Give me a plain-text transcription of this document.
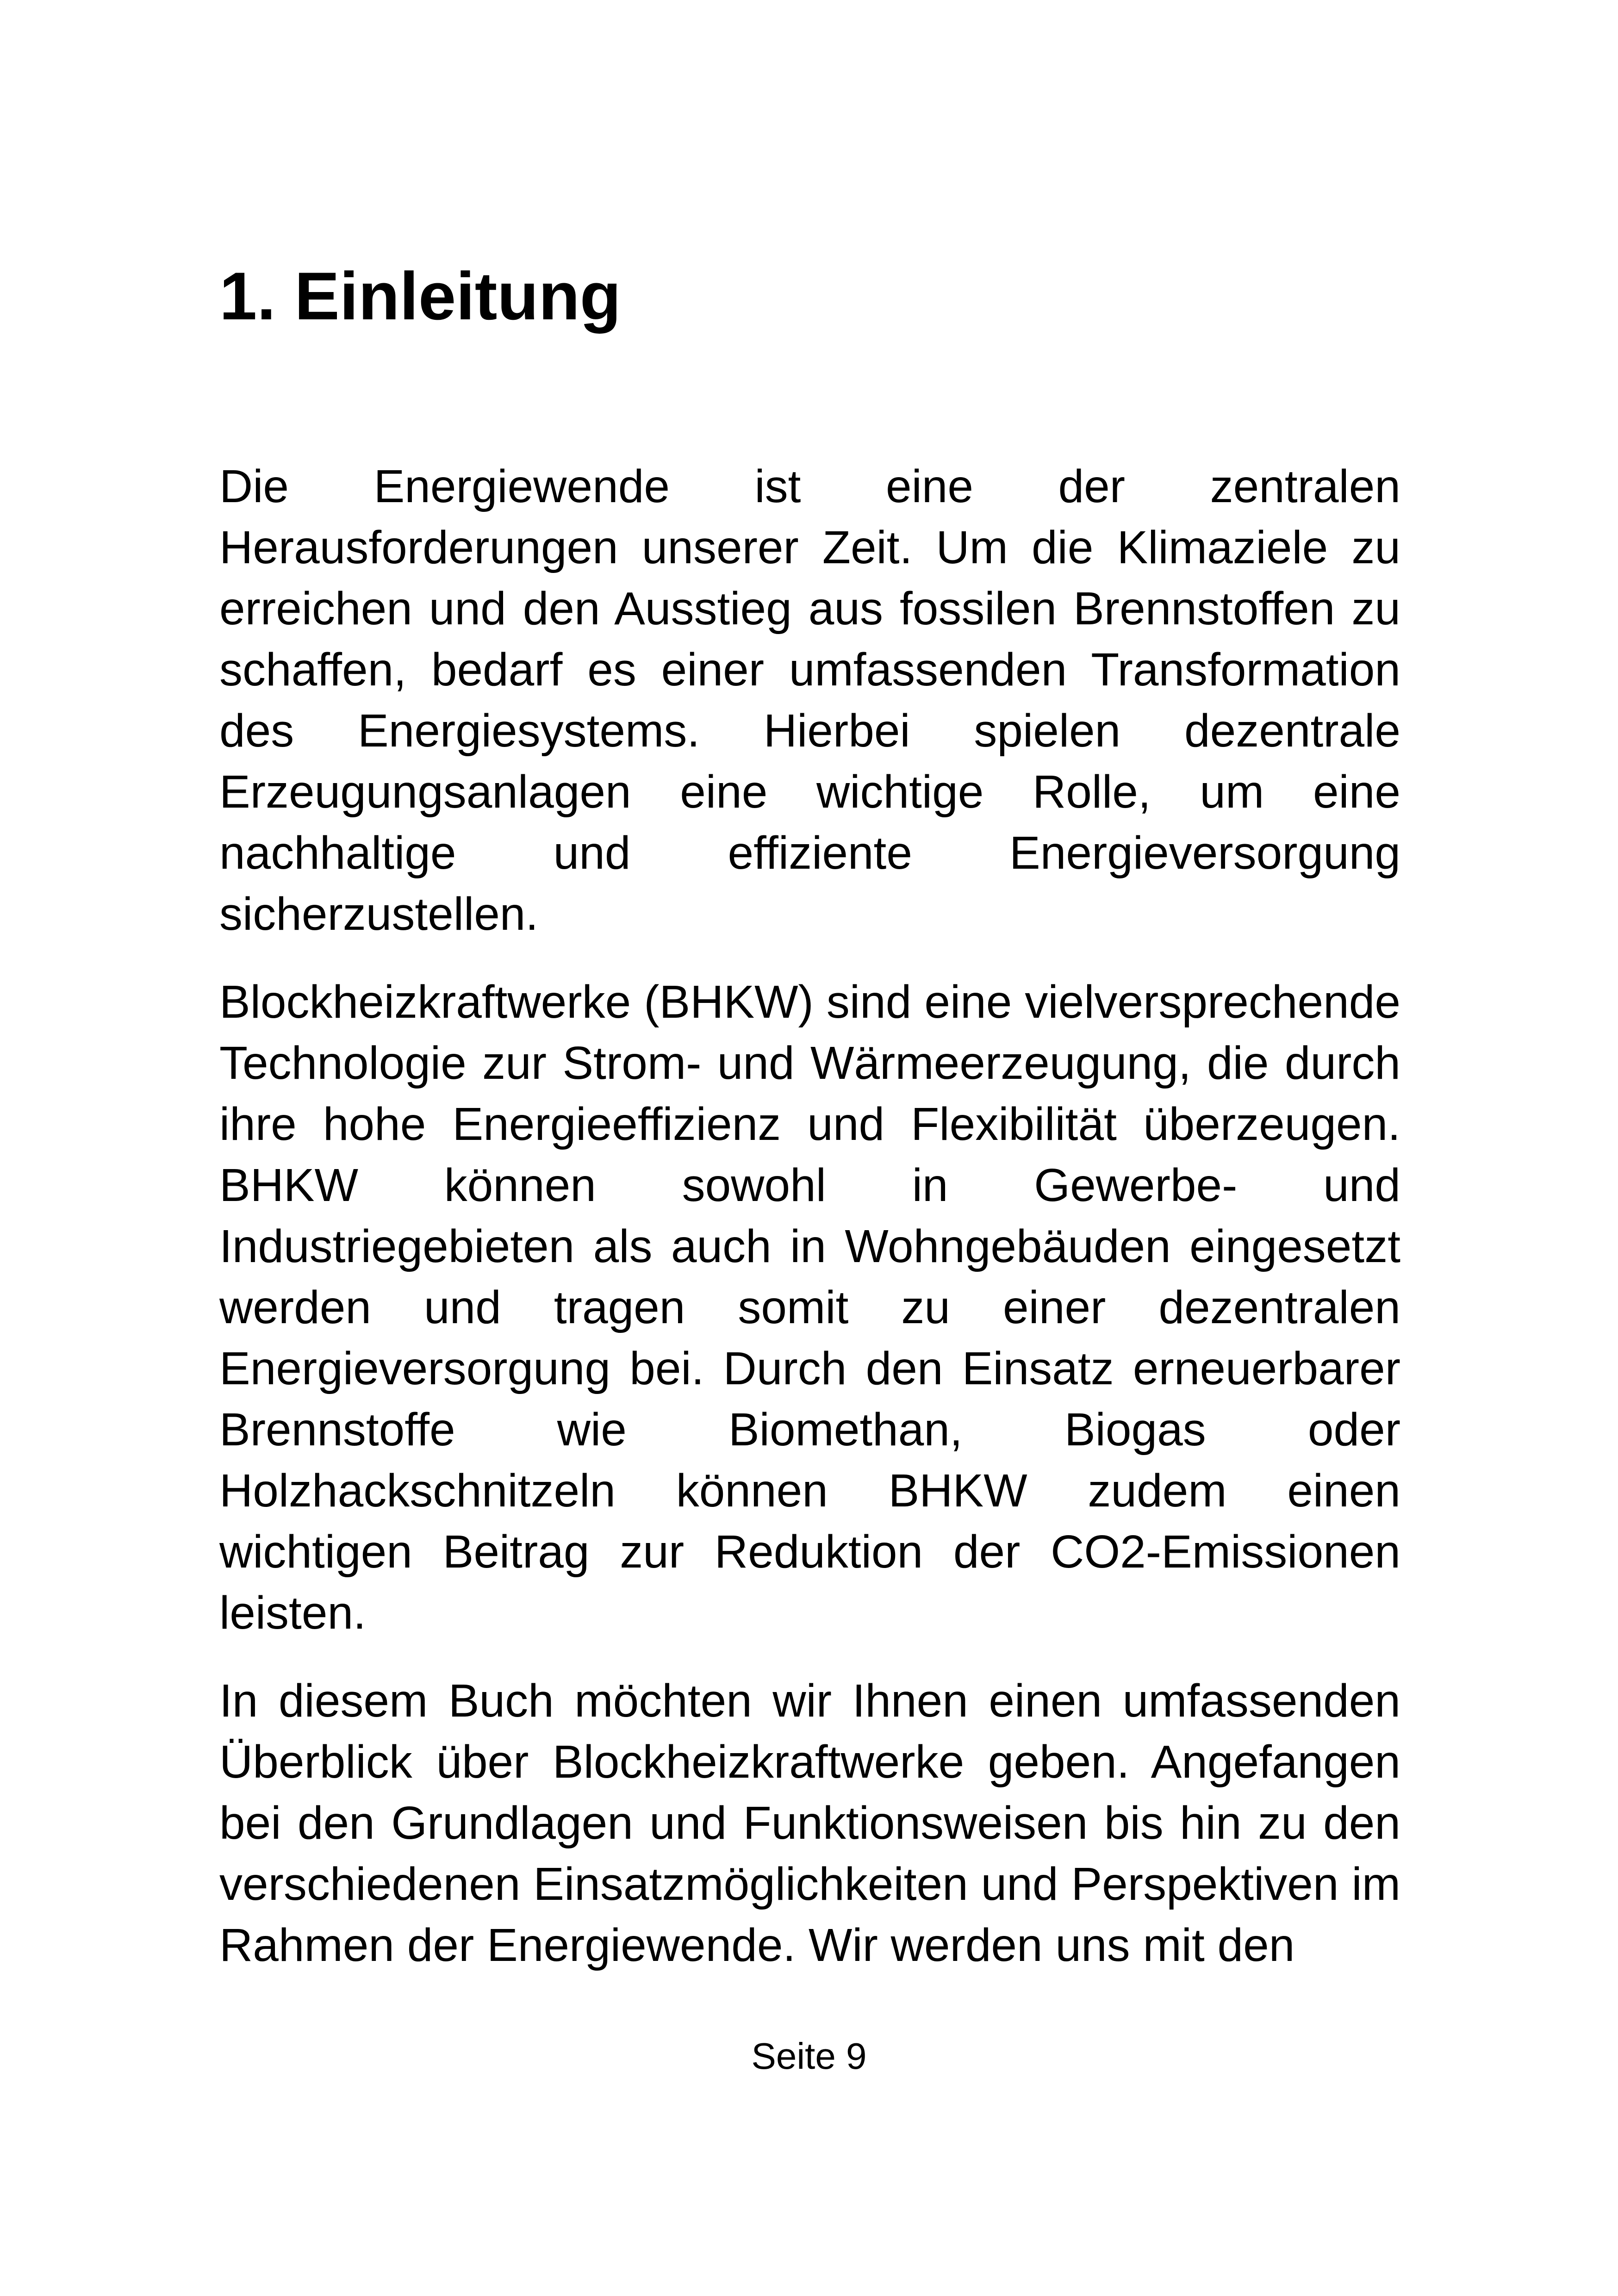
1. Einleitung

Die Energiewende ist eine der zentralen Herausforderungen unserer Zeit. Um die Klimaziele zu erreichen und den Ausstieg aus fossilen Brennstoffen zu schaffen, bedarf es einer umfassenden Transformation des Energiesystems. Hierbei spielen dezentrale Erzeugungsanlagen eine wichtige Rolle, um eine nachhaltige und effiziente Energieversorgung sicherzustellen.

Blockheizkraftwerke (BHKW) sind eine vielversprechende Technologie zur Strom- und Wärmeerzeugung, die durch ihre hohe Energieeffizienz und Flexibilität überzeugen. BHKW können sowohl in Gewerbe- und Industriegebieten als auch in Wohngebäuden eingesetzt werden und tragen somit zu einer dezentralen Energieversorgung bei. Durch den Einsatz erneuerbarer Brennstoffe wie Biomethan, Biogas oder Holzhackschnitzeln können BHKW zudem einen wichtigen Beitrag zur Reduktion der CO2-Emissionen leisten.

In diesem Buch möchten wir Ihnen einen umfassenden Überblick über Blockheizkraftwerke geben. Angefangen bei den Grundlagen und Funktionsweisen bis hin zu den verschiedenen Einsatzmöglichkeiten und Perspektiven im Rahmen der Energiewende. Wir werden uns mit den

Seite 9
